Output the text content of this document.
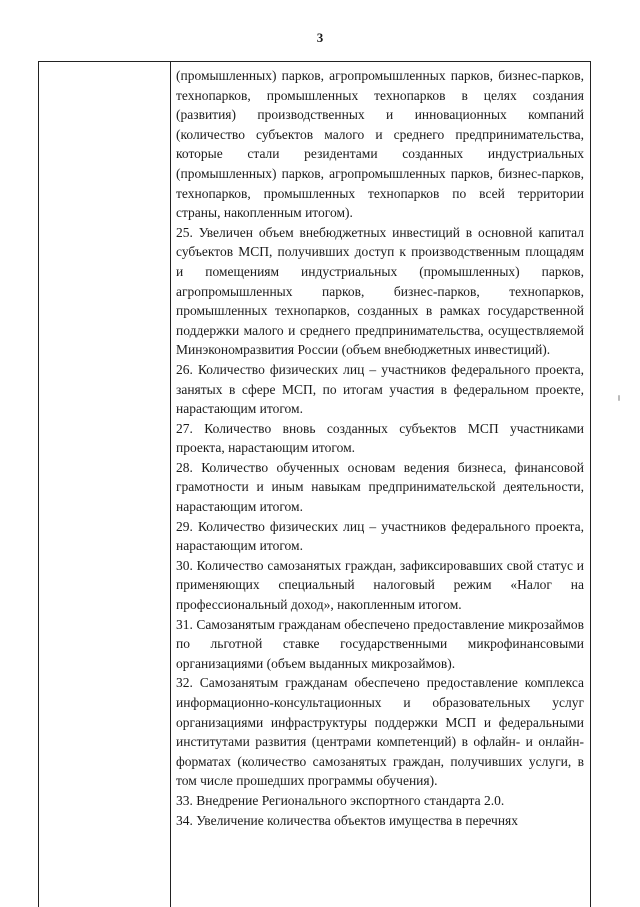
3

(промышленных) парков, агропромышленных парков, бизнес-парков, технопарков, промышленных технопарков в целях создания (развития) производственных и инновационных компаний (количество субъектов малого и среднего предпринимательства, которые стали резидентами созданных индустриальных (промышленных) парков, агропромышленных парков, бизнес-парков, технопарков, промышленных технопарков по всей территории страны, накопленным итогом).

25. Увеличен объем внебюджетных инвестиций в основной капитал субъектов МСП, получивших доступ к производственным площадям и помещениям индустриальных (промышленных) парков, агропромышленных парков, бизнес-парков, технопарков, промышленных технопарков, созданных в рамках государственной поддержки малого и среднего предпринимательства, осуществляемой Минэкономразвития России (объем внебюджетных инвестиций).

26. Количество физических лиц – участников федерального проекта, занятых в сфере МСП, по итогам участия в федеральном проекте, нарастающим итогом.

27. Количество вновь созданных субъектов МСП участниками проекта, нарастающим итогом.

28. Количество обученных основам ведения бизнеса, финансовой грамотности и иным навыкам предпринимательской деятельности, нарастающим итогом.

29. Количество физических лиц – участников федерального проекта, нарастающим итогом.

30. Количество самозанятых граждан, зафиксировавших свой статус и применяющих специальный налоговый режим «Налог на профессиональный доход», накопленным итогом.

31. Самозанятым гражданам обеспечено предоставление микрозаймов по льготной ставке государственными микрофинансовыми организациями (объем выданных микрозаймов).

32. Самозанятым гражданам обеспечено предоставление комплекса информационно-консультационных и образовательных услуг организациями инфраструктуры поддержки МСП и федеральными институтами развития (центрами компетенций) в офлайн- и онлайн-форматах (количество самозанятых граждан, получивших услуги, в том числе прошедших программы обучения).

33. Внедрение Регионального экспортного стандарта 2.0.

34. Увеличение количества объектов имущества в перечнях
